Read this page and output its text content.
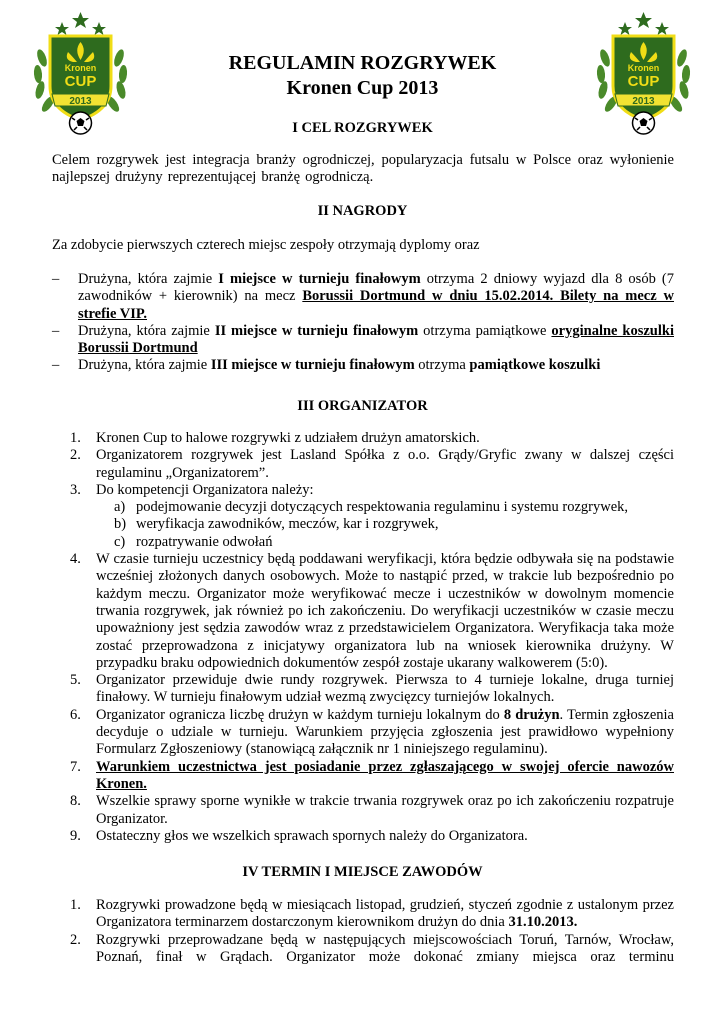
Kronen
CUP
2013
Kronen
CUP
2013
REGULAMIN ROZGRYWEK
Kronen Cup 2013
I CEL ROZGRYWEK
Celem rozgrywek jest integracja branży ogrodniczej, popularyzacja futsalu w Polsce oraz wyłonienie najlepszej drużyny reprezentującej branżę ogrodniczą.
II NAGRODY
Za zdobycie pierwszych czterech miejsc zespoły otrzymają dyplomy oraz
– Drużyna, która zajmie I miejsce w turnieju finałowym otrzyma 2 dniowy wyjazd dla 8 osób (7 zawodników + kierownik) na mecz Borussii Dortmund w dniu 15.02.2014. Bilety na mecz w strefie VIP.
– Drużyna, która zajmie II miejsce w turnieju finałowym otrzyma pamiątkowe oryginalne koszulki Borussii Dortmund
– Drużyna, która zajmie III miejsce w turnieju finałowym otrzyma pamiątkowe koszulki
III ORGANIZATOR
1. Kronen Cup to halowe rozgrywki z udziałem drużyn amatorskich.
2. Organizatorem rozgrywek jest Lasland Spółka z o.o. Grądy/Gryfic zwany w dalszej części regulaminu „Organizatorem”.
3. Do kompetencji Organizatora należy:
a) podejmowanie decyzji dotyczących respektowania regulaminu i systemu rozgrywek,
b) weryfikacja zawodników, meczów, kar i rozgrywek,
c) rozpatrywanie odwołań
4. W czasie turnieju uczestnicy będą poddawani weryfikacji, która będzie odbywała się na podstawie wcześniej złożonych danych osobowych. Może to nastąpić przed, w trakcie lub bezpośrednio po każdym meczu. Organizator może weryfikować mecze i uczestników w dowolnym momencie trwania rozgrywek, jak również po ich zakończeniu. Do weryfikacji uczestników w czasie meczu upoważniony jest sędzia zawodów wraz z przedstawicielem Organizatora. Weryfikacja taka może zostać przeprowadzona z inicjatywy organizatora lub na wniosek kierownika drużyny. W przypadku braku odpowiednich dokumentów zespół zostaje ukarany walkowerem (5:0).
5. Organizator przewiduje dwie rundy rozgrywek. Pierwsza to 4 turnieje lokalne, druga turniej finałowy. W turnieju finałowym udział wezmą zwycięzcy turniejów lokalnych.
6. Organizator ogranicza liczbę drużyn w każdym turnieju lokalnym do 8 drużyn. Termin zgłoszenia decyduje o udziale w turnieju. Warunkiem przyjęcia zgłoszenia jest prawidłowo wypełniony Formularz Zgłoszeniowy (stanowiącą załącznik nr 1 niniejszego regulaminu).
7. Warunkiem uczestnictwa jest posiadanie przez zgłaszającego w swojej ofercie nawozów Kronen.
8. Wszelkie sprawy sporne wynikłe w trakcie trwania rozgrywek oraz po ich zakończeniu rozpatruje Organizator.
9. Ostateczny głos we wszelkich sprawach spornych należy do Organizatora.
IV TERMIN I MIEJSCE ZAWODÓW
1. Rozgrywki prowadzone będą w miesiącach listopad, grudzień, styczeń zgodnie z ustalonym przez Organizatora terminarzem dostarczonym kierownikom drużyn do dnia 31.10.2013.
2. Rozgrywki przeprowadzane będą w następujących miejscowościach Toruń, Tarnów, Wrocław, Poznań, finał w Grądach. Organizator może dokonać zmiany miejsca oraz terminu
